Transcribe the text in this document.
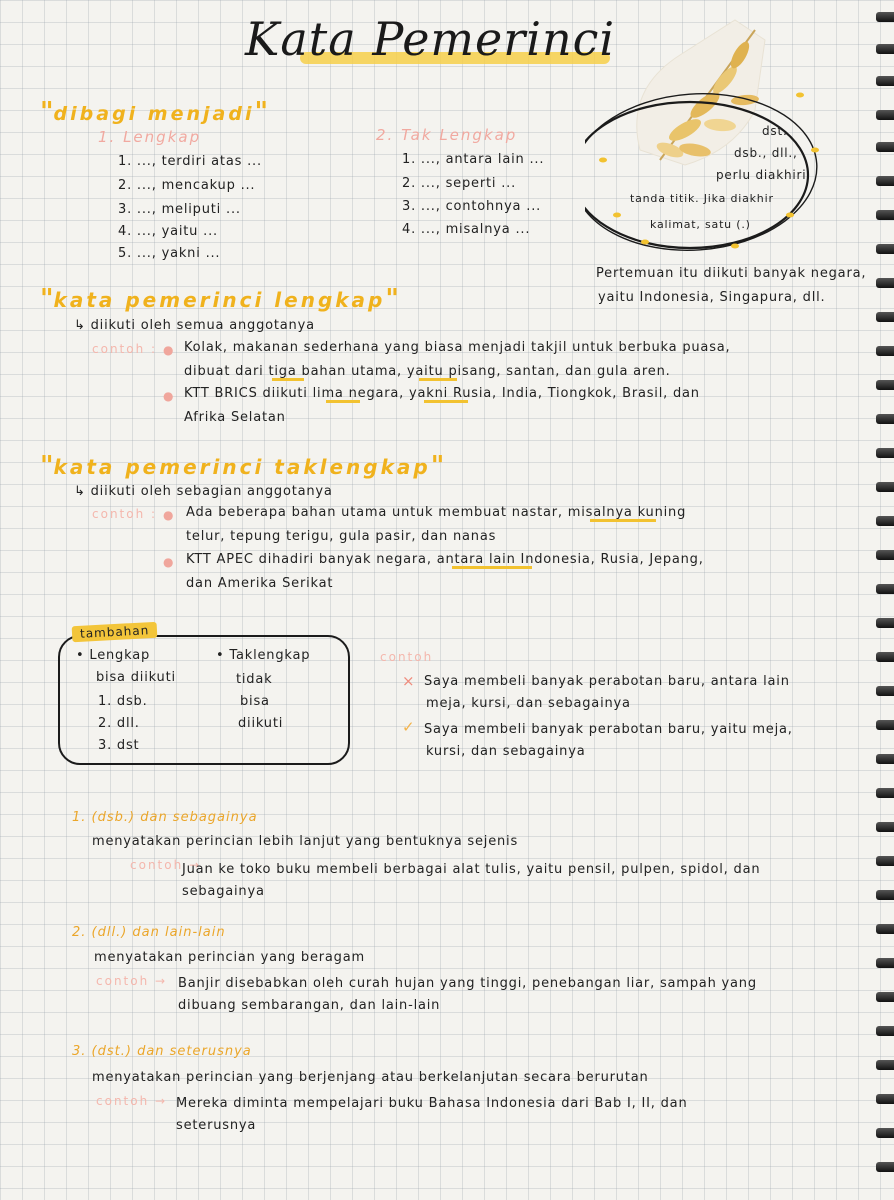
Kata Pemerinci
dst.
dsb., dll.,
perlu diakhiri
tanda titik. Jika diakhir
kalimat, satu (.)
Pertemuan itu diikuti banyak negara,
yaitu Indonesia, Singapura, dll.
"dibagi menjadi"
1. Lengkap
1. ..., terdiri atas ...
2. ..., mencakup ...
3. ..., meliputi ...
4. ..., yaitu ...
5. ..., yakni ...
2. Tak Lengkap
1. ..., antara lain ...
2. ..., seperti ...
3. ..., contohnya ...
4. ..., misalnya ...
"kata pemerinci lengkap"
↳ diikuti oleh semua anggotanya
contoh : ● Kolak, makanan sederhana yang biasa menjadi takjil untuk berbuka puasa,
dibuat dari tiga bahan utama, yaitu pisang, santan, dan gula aren.
● KTT BRICS diikuti lima negara, yakni Rusia, India, Tiongkok, Brasil, dan
Afrika Selatan
"kata pemerinci taklengkap"
↳ diikuti oleh sebagian anggotanya
contoh : ● Ada beberapa bahan utama untuk membuat nastar, misalnya kuning
telur, tepung terigu, gula pasir, dan nanas
● KTT APEC dihadiri banyak negara, antara lain Indonesia, Rusia, Jepang,
dan Amerika Serikat
tambahan
• Lengkap
bisa diikuti
1. dsb.
2. dll.
3. dst
• Taklengkap
tidak
bisa
diikuti
contoh
× Saya membeli banyak perabotan baru, antara lain
meja, kursi, dan sebagainya
✓ Saya membeli banyak perabotan baru, yaitu meja,
kursi, dan sebagainya
1. (dsb.) dan sebagainya
menyatakan perincian lebih lanjut yang bentuknya sejenis
contoh →
Juan ke toko buku membeli berbagai alat tulis, yaitu pensil, pulpen, spidol, dan
sebagainya
2. (dll.) dan lain-lain
menyatakan perincian yang beragam
contoh → Banjir disebabkan oleh curah hujan yang tinggi, penebangan liar, sampah yang
dibuang sembarangan, dan lain-lain
3. (dst.) dan seterusnya
menyatakan perincian yang berjenjang atau berkelanjutan secara berurutan
contoh → Mereka diminta mempelajari buku Bahasa Indonesia dari Bab I, II, dan
seterusnya
